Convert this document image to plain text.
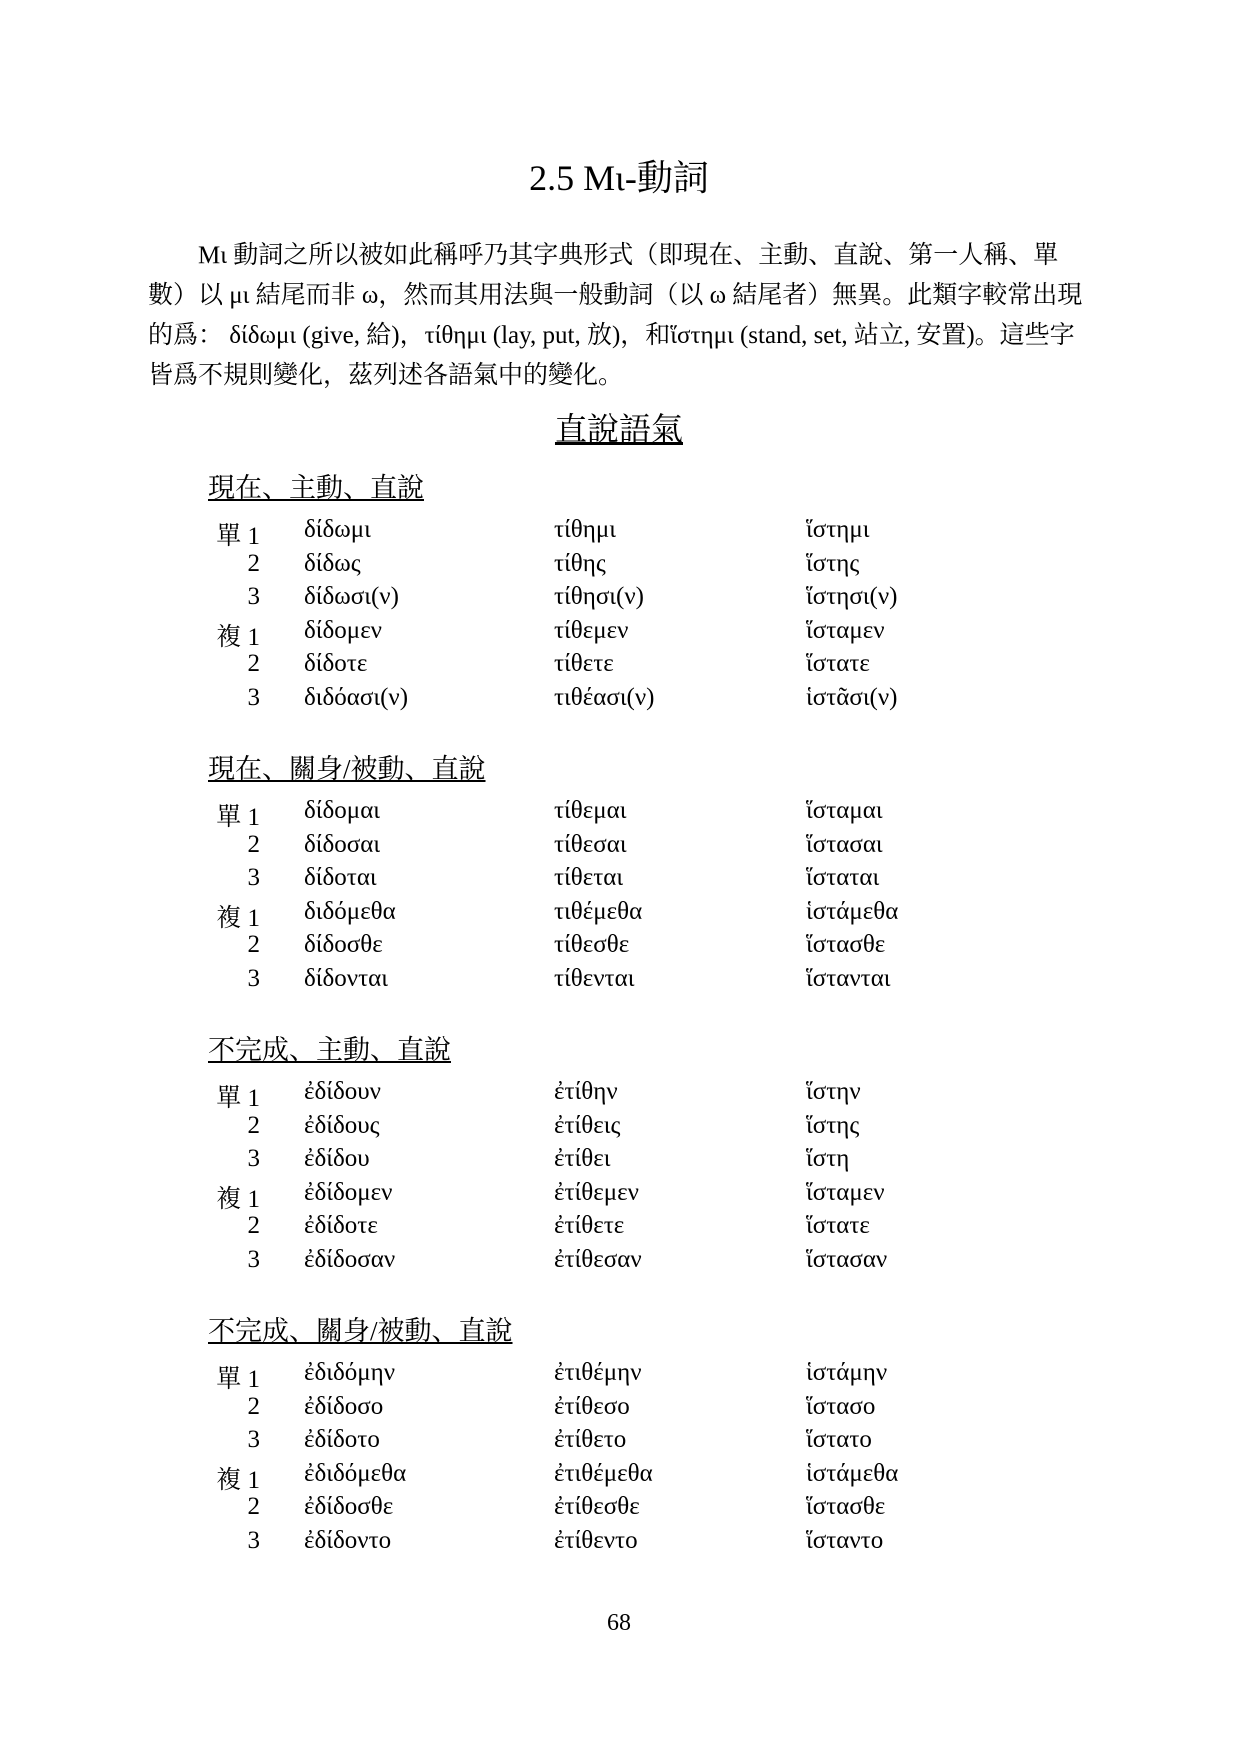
2.5 Μι-動詞

Μι 動詞之所以被如此稱呼乃其字典形式（即現在、主動、直說、第一人稱、單數）以 μι 結尾而非 ω，然而其用法與一般動詞（以 ω 結尾者）無異。此類字較常出現的爲： δίδωμι (give, 給)，τίθημι (lay, put, 放)，和ἵστημι (stand, set, 站立, 安置)。這些字皆爲不規則變化，茲列述各語氣中的變化。

直說語氣
現在、主動、直說
單 1 δίδωμι	τίθημι	ἵστημι
2 δίδως	τίθης	ἵστης
3 δίδωσι(ν)	τίθησι(ν)	ἵστησι(ν)
複 1 δίδομεν	τίθεμεν	ἵσταμεν
2 δίδοτε	τίθετε	ἵστατε
3 διδόασι(ν)	τιθέασι(ν)	ἱστᾶσι(ν)
現在、關身/被動、直說
單 1 δίδομαι	τίθεμαι	ἵσταμαι
2 δίδοσαι	τίθεσαι	ἵστασαι
3 δίδοται	τίθεται	ἵσταται
複 1 διδόμεθα	τιθέμεθα	ἱστάμεθα
2 δίδοσθε	τίθεσθε	ἵστασθε
3 δίδονται	τίθενται	ἵστανται
不完成、主動、直說
單 1 ἐδίδουν	ἐτίθην	ἵστην
2 ἐδίδους	ἐτίθεις	ἵστης
3 ἐδίδου	ἐτίθει	ἵστη
複 1 ἐδίδομεν	ἐτίθεμεν	ἵσταμεν
2 ἐδίδοτε	ἐτίθετε	ἵστατε
3 ἐδίδοσαν	ἐτίθεσαν	ἵστασαν
不完成、關身/被動、直說
單 1 ἐδιδόμην	ἐτιθέμην	ἱστάμην
2 ἐδίδοσο	ἐτίθεσο	ἵστασο
3 ἐδίδοτο	ἐτίθετο	ἵστατο
複 1 ἐδιδόμεθα	ἐτιθέμεθα	ἱστάμεθα
2 ἐδίδοσθε	ἐτίθεσθε	ἵστασθε
3 ἐδίδοντο	ἐτίθεντο	ἵσταντο
68
